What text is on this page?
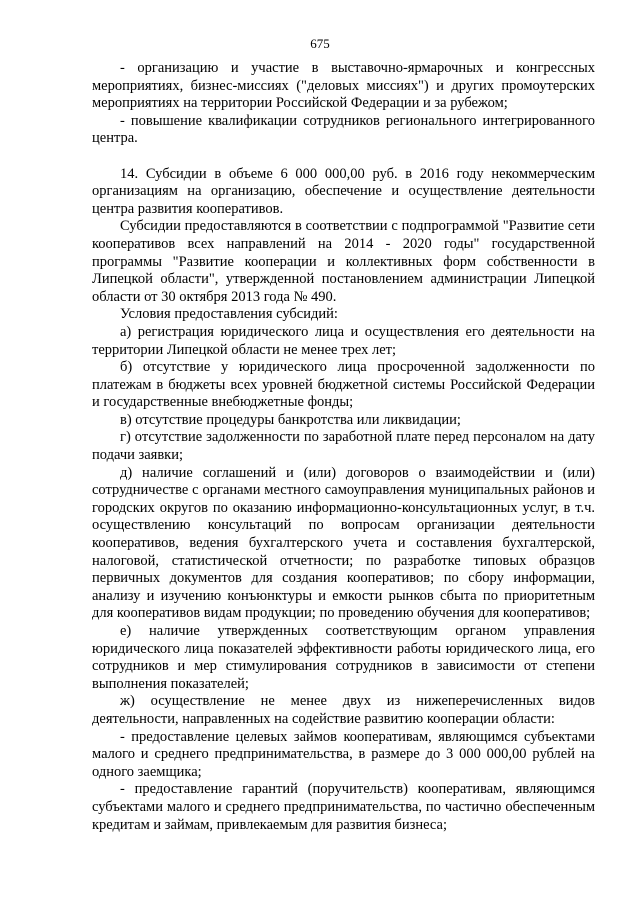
675

- организацию и участие в выставочно-ярмарочных и конгрессных мероприятиях, бизнес-миссиях ("деловых миссиях") и других промоутерских мероприятиях на территории Российской Федерации и за рубежом;

- повышение квалификации сотрудников регионального интегрированного центра.

14. Субсидии в объеме 6 000 000,00 руб. в 2016 году некоммерческим организациям на организацию, обеспечение и осуществление деятельности центра развития кооперативов.

Субсидии предоставляются в соответствии с подпрограммой "Развитие сети кооперативов всех направлений на 2014 - 2020 годы" государственной программы "Развитие кооперации и коллективных форм собственности в Липецкой области", утвержденной постановлением администрации Липецкой области от 30 октября 2013 года № 490.

Условия предоставления субсидий:

а) регистрация юридического лица и осуществления его деятельности на территории Липецкой области не менее трех лет;

б) отсутствие у юридического лица просроченной задолженности по платежам в бюджеты всех уровней бюджетной системы Российской Федерации и государственные внебюджетные фонды;

в) отсутствие процедуры банкротства или ликвидации;

г) отсутствие задолженности по заработной плате перед персоналом на дату подачи заявки;

д) наличие соглашений и (или) договоров о взаимодействии и (или) сотрудничестве с органами местного самоуправления муниципальных районов и городских округов по оказанию информационно-консультационных услуг, в т.ч. осуществлению консультаций по вопросам организации деятельности кооперативов, ведения бухгалтерского учета и составления бухгалтерской, налоговой, статистической отчетности; по разработке типовых образцов первичных документов для создания кооперативов; по сбору информации, анализу и изучению конъюнктуры и емкости рынков сбыта по приоритетным для кооперативов видам продукции; по проведению обучения для кооперативов;

е) наличие утвержденных соответствующим органом управления юридического лица показателей эффективности работы юридического лица, его сотрудников и мер стимулирования сотрудников в зависимости от степени выполнения показателей;

ж) осуществление не менее двух из нижеперечисленных видов деятельности, направленных на содействие развитию кооперации области:

- предоставление целевых займов кооперативам, являющимся субъектами малого и среднего предпринимательства, в размере до 3 000 000,00 рублей на одного заемщика;

- предоставление гарантий (поручительств) кооперативам, являющимся субъектами малого и среднего предпринимательства, по частично обеспеченным кредитам и займам, привлекаемым для развития бизнеса;
